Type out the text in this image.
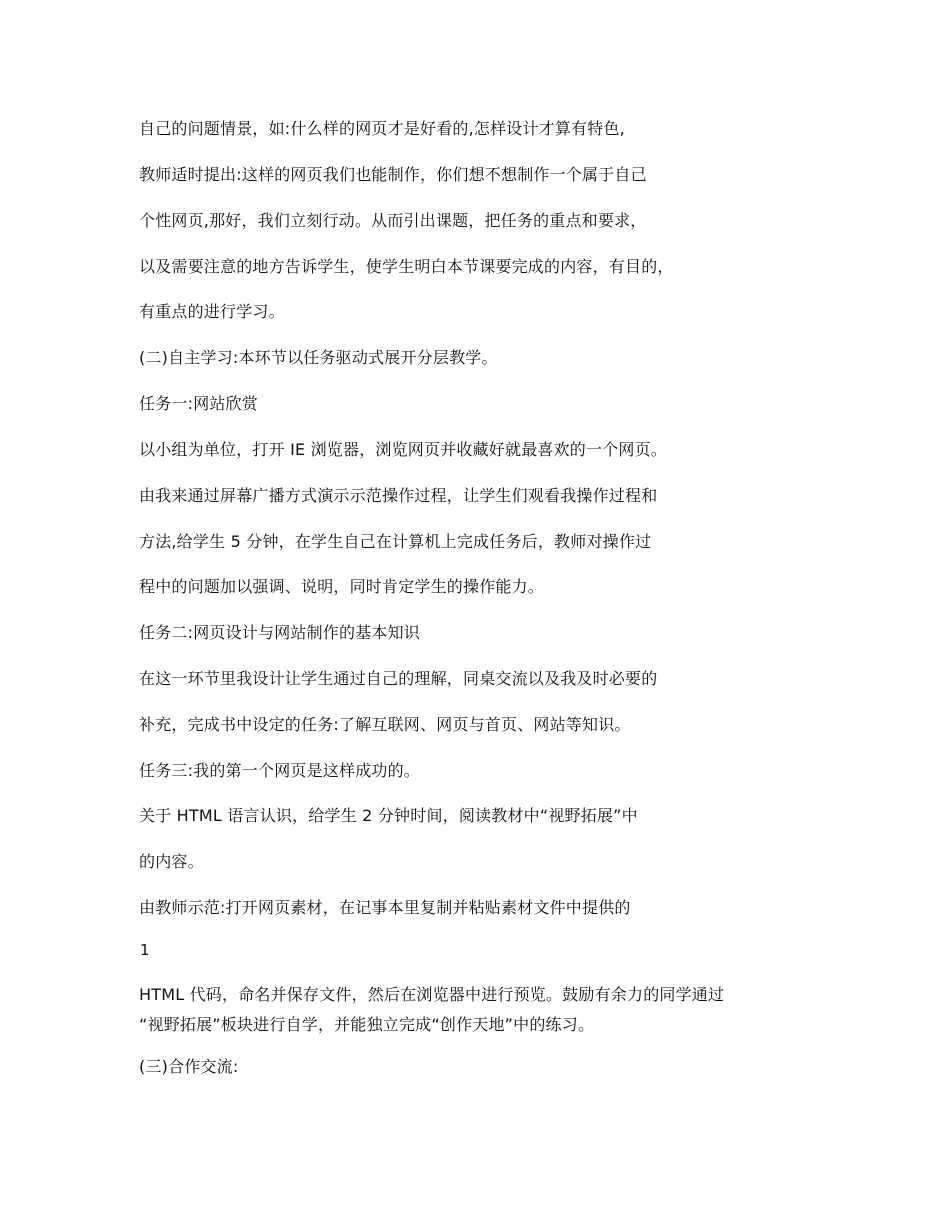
自己的问题情景，如:什么样的网页才是好看的,怎样设计才算有特色,
教师适时提出:这样的网页我们也能制作，你们想不想制作一个属于自己
个性网页,那好，我们立刻行动。从而引出课题，把任务的重点和要求，
以及需要注意的地方告诉学生，使学生明白本节课要完成的内容，有目的，
有重点的进行学习。
(二)自主学习:本环节以任务驱动式展开分层教学。
任务一:网站欣赏
以小组为单位，打开 IE 浏览器，浏览网页并收藏好就最喜欢的一个网页。
由我来通过屏幕广播方式演示示范操作过程，让学生们观看我操作过程和
方法,给学生 5 分钟，在学生自己在计算机上完成任务后，教师对操作过
程中的问题加以强调、说明，同时肯定学生的操作能力。
任务二:网页设计与网站制作的基本知识
在这一环节里我设计让学生通过自己的理解，同桌交流以及我及时必要的
补充，完成书中设定的任务:了解互联网、网页与首页、网站等知识。
任务三:我的第一个网页是这样成功的。
关于 HTML 语言认识，给学生 2 分钟时间，阅读教材中“视野拓展”中
的内容。
由教师示范:打开网页素材，在记事本里复制并粘贴素材文件中提供的
1
HTML 代码，命名并保存文件，然后在浏览器中进行预览。鼓励有余力的同学通过
“视野拓展”板块进行自学，并能独立完成“创作天地”中的练习。
(三)合作交流:
